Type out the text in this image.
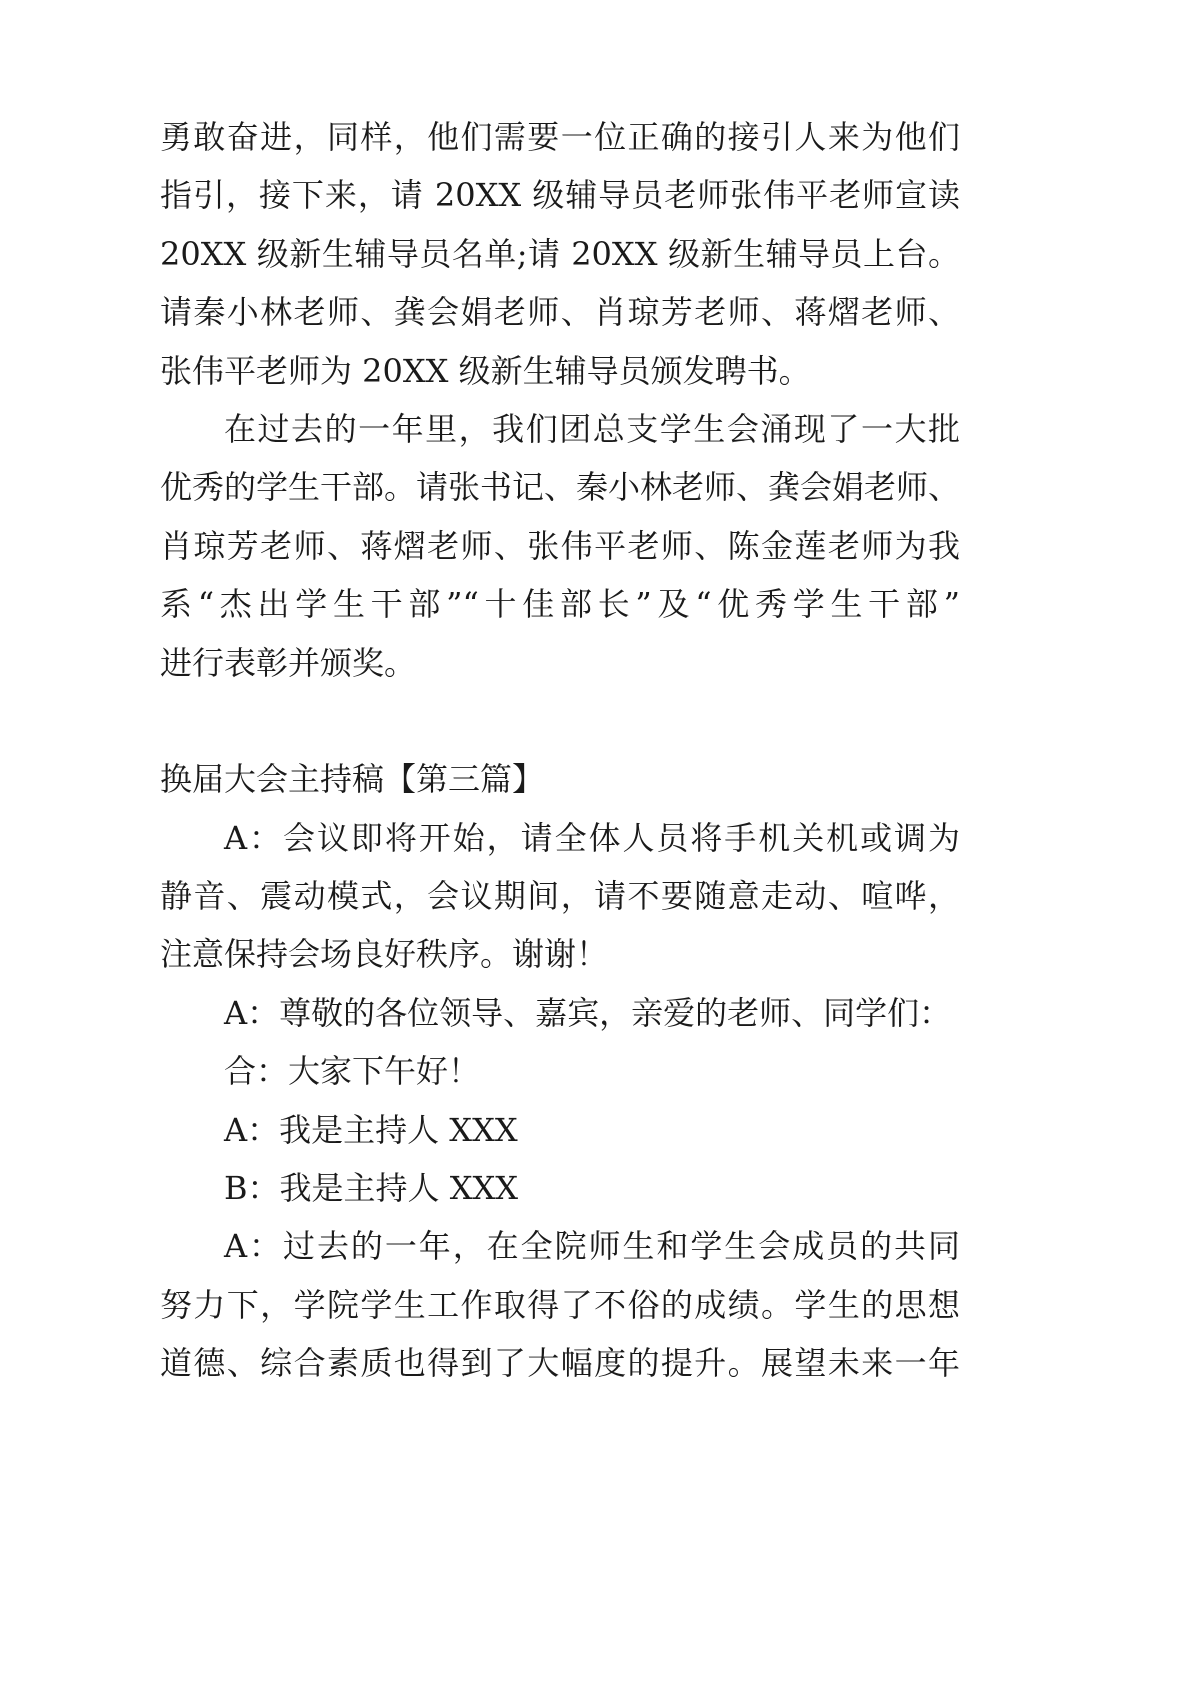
勇敢奋进，同样，他们需要一位正确的接引人来为他们
指引，接下来，请 20XX 级辅导员老师张伟平老师宣读
20XX 级新生辅导员名单;请 20XX 级新生辅导员上台。
请秦小林老师、龚会娟老师、肖琼芳老师、蒋熠老师、
张伟平老师为 20XX 级新生辅导员颁发聘书。
在过去的一年里，我们团总支学生会涌现了一大批
优秀的学生干部。请张书记、秦小林老师、龚会娟老师、
肖琼芳老师、蒋熠老师、张伟平老师、陈金莲老师为我
系“杰出学生干部”“十佳部长”及“优秀学生干部”
进行表彰并颁奖。
换届大会主持稿【第三篇】
A：会议即将开始，请全体人员将手机关机或调为
静音、震动模式，会议期间，请不要随意走动、喧哗，
注意保持会场良好秩序。谢谢！
A：尊敬的各位领导、嘉宾，亲爱的老师、同学们：
合：大家下午好！
A：我是主持人 XXX
B：我是主持人 XXX
A：过去的一年，在全院师生和学生会成员的共同
努力下，学院学生工作取得了不俗的成绩。学生的思想
道德、综合素质也得到了大幅度的提升。展望未来一年
